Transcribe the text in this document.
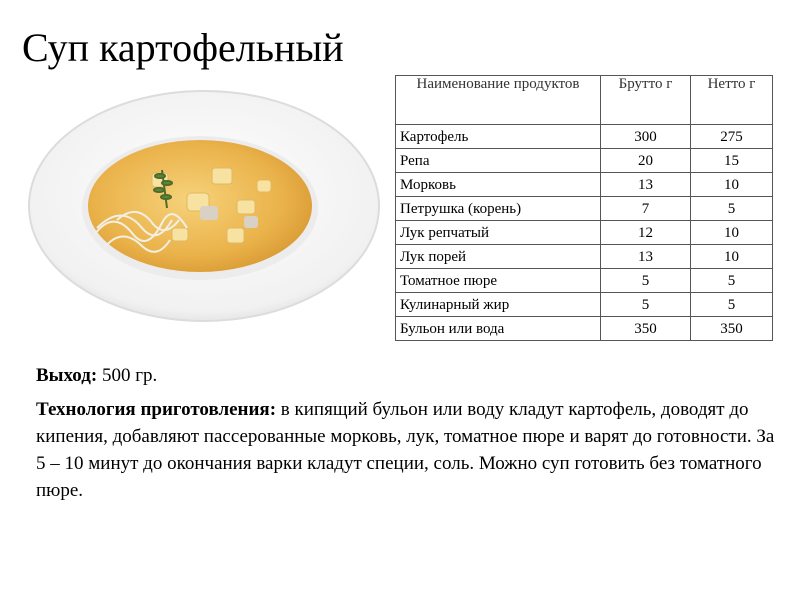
Суп картофельный
Наименование продуктов	Брутто г	Нетто г
Картофель	300	275
Репа	20	15
Морковь	13	10
Петрушка (корень)	7	5
Лук репчатый	12	10
Лук порей	13	10
Томатное пюре	5	5
Кулинарный жир	5	5
Бульон или вода	350	350
Выход: 500 гр.

Технология приготовления: в кипящий бульон или воду кладут картофель, доводят до кипения, добавляют пассерованные морковь, лук, томатное пюре и варят до готовности. За 5 – 10 минут до окончания варки кладут специи, соль. Можно суп готовить без томатного пюре.
